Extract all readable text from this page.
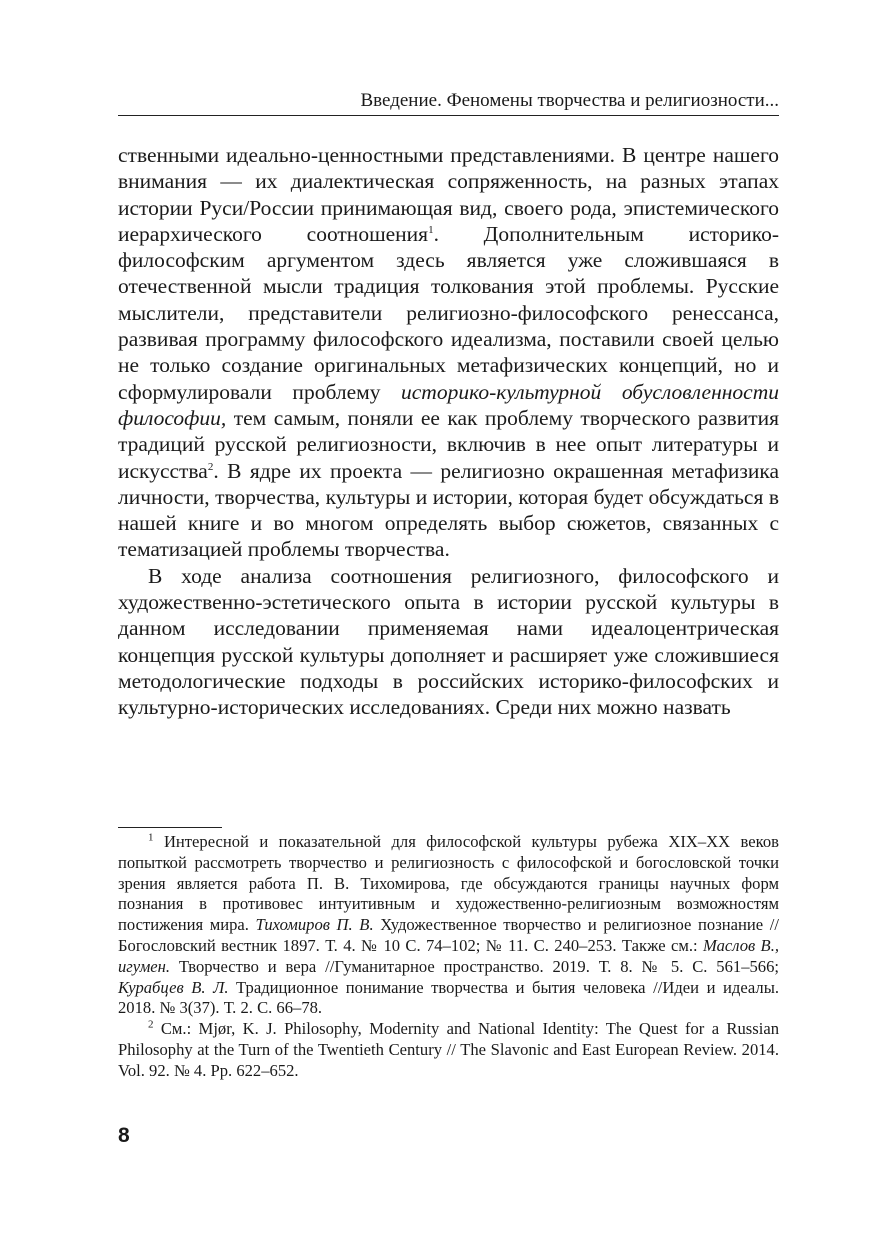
Введение. Феномены творчества и религиозности...

ственными идеально-ценностными представлениями. В центре нашего внимания — их диалектическая сопряженность, на разных этапах истории Руси/России принимающая вид, своего рода, эпистемического иерархического соотношения$^1$. Дополнительным историко-философским аргументом здесь является уже сложившаяся в отечественной мысли традиция толкования этой проблемы. Русские мыслители, представители религиозно-философского ренессанса, развивая программу философского идеализма, поставили своей целью не только создание оригинальных метафизических концепций, но и сформулировали проблему историко-культурной обусловленности философии, тем самым, поняли ее как проблему творческого развития традиций русской религиозности, включив в нее опыт литературы и искусства$^2$. В ядре их проекта — религиозно окрашенная метафизика личности, творчества, культуры и истории, которая будет обсуждаться в нашей книге и во многом определять выбор сюжетов, связанных с тематизацией проблемы творчества.

В ходе анализа соотношения религиозного, философского и художественно-эстетического опыта в истории русской культуры в данном исследовании применяемая нами идеалоцентрическая концепция русской культуры дополняет и расширяет уже сложившиеся методологические подходы в российских историко-философских и культурно-исторических исследованиях. Среди них можно назвать

$^1$ Интересной и показательной для философской культуры рубежа XIX–XX веков попыткой рассмотреть творчество и религиозность с философской и богословской точки зрения является работа П. В. Тихомирова, где обсуждаются границы научных форм познания в противовес интуитивным и художественно-религиозным возможностям постижения мира. Тихомиров П. В. Художественное творчество и религиозное познание // Богословский вестник 1897. Т. 4. № 10 С. 74–102; № 11. С. 240–253. Также см.: Маслов В., игумен. Творчество и вера //Гуманитарное пространство. 2019. Т. 8. № 5. С. 561–566; Курабцев В. Л. Традиционное понимание творчества и бытия человека //Идеи и идеалы. 2018. № 3(37). Т. 2. С. 66–78.

$^2$ См.: Mjør, K. J. Philosophy, Modernity and National Identity: The Quest for a Russian Philosophy at the Turn of the Twentieth Century // The Slavonic and East European Review. 2014. Vol. 92. № 4. Pp. 622–652.

8
